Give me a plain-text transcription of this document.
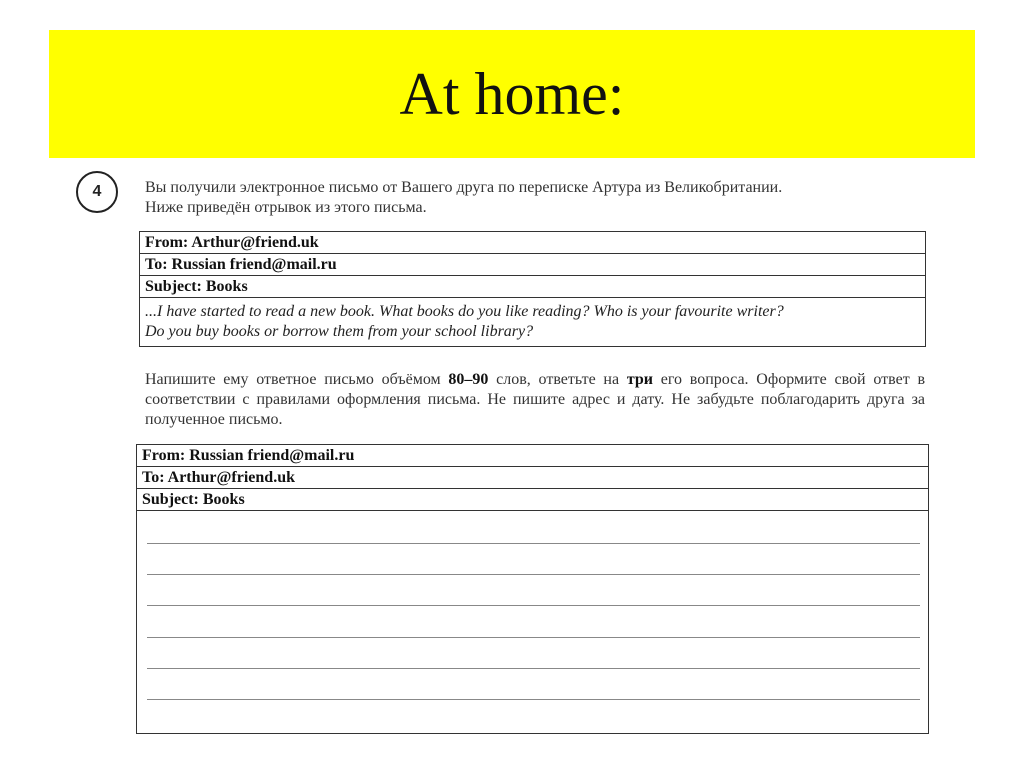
At home:
4	Вы получили электронное письмо от Вашего друга по переписке Артура из Великобритании.
Ниже приведён отрывок из этого письма.
From: Arthur@friend.uk
To: Russian friend@mail.ru
Subject: Books

...I have started to read a new book. What books do you like reading? Who is your favourite writer?
Do you buy books or borrow them from your school library?
Напишите ему ответное письмо объёмом 80–90 слов, ответьте на три его вопроса. Оформите свой ответ в соответствии с правилами оформления письма. Не пишите адрес и дату. Не забудьте поблагодарить друга за полученное письмо.
From: Russian friend@mail.ru
To: Arthur@friend.uk
Subject: Books
